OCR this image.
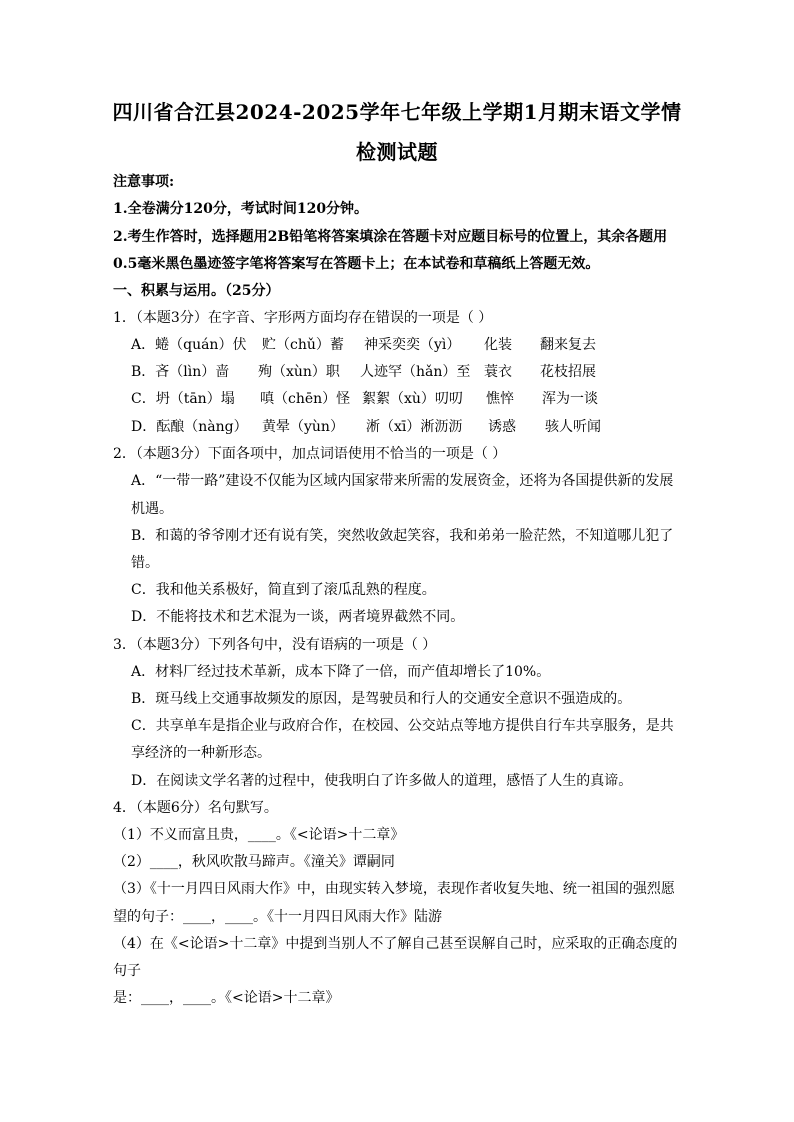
四川省合江县2024-2025学年七年级上学期1月期末语文学情
检测试题
注意事项:
1.全卷满分120分，考试时间120分钟。
2.考生作答时，选择题用2B铅笔将答案填涂在答题卡对应题目标号的位置上，其余各题用
0.5毫米黑色墨迹签字笔将答案写在答题卡上；在本试卷和草稿纸上答题无效。
一、积累与运用。（25分）
1．（本题3分）在字音、字形两方面均存在错误的一项是（ ）
A．蜷（quán）伏 贮（chǔ）蓄 神采奕奕（yì） 化装 翻来复去
B．吝（lìn）啬 殉（xùn）职 人迹罕（hǎn）至 蓑衣 花枝招展
C．坍（tān）塌 嗔（chēn）怪 絮絮（xù）叨叨 憔悴 浑为一谈
D．酝酿（nàng） 黄晕（yùn） 淅（xī）淅沥沥 诱惑 骇人听闻
2．（本题3分）下面各项中，加点词语使用不恰当的一项是（ ）
A．“一带一路”建设不仅能为区域内国家带来所需的发展资金，还将为各国提供新的发展
机遇。
B．和蔼的爷爷刚才还有说有笑，突然收敛起笑容，我和弟弟一脸茫然，不知道哪儿犯了
错。
C．我和他关系极好，简直到了滚瓜乱熟的程度。
D．不能将技术和艺术混为一谈，两者境界截然不同。
3．（本题3分）下列各句中，没有语病的一项是（ ）
A．材料厂经过技术革新，成本下降了一倍，而产值却增长了10%。
B．斑马线上交通事故频发的原因，是驾驶员和行人的交通安全意识不强造成的。
C．共享单车是指企业与政府合作，在校园、公交站点等地方提供自行车共享服务，是共
享经济的一种新形态。
D．在阅读文学名著的过程中，使我明白了许多做人的道理，感悟了人生的真谛。
4．（本题6分）名句默写。
（1）不义而富且贵，____。《<论语>十二章》
（2）____，秋风吹散马蹄声。《潼关》谭嗣同
（3）《十一月四日风雨大作》中，由现实转入梦境，表现作者收复失地、统一祖国的强烈愿
望的句子：____，____。《十一月四日风雨大作》陆游
（4）在《<论语>十二章》中提到当别人不了解自己甚至误解自己时，应采取的正确态度的
句子
是：____，____。《<论语>十二章》
